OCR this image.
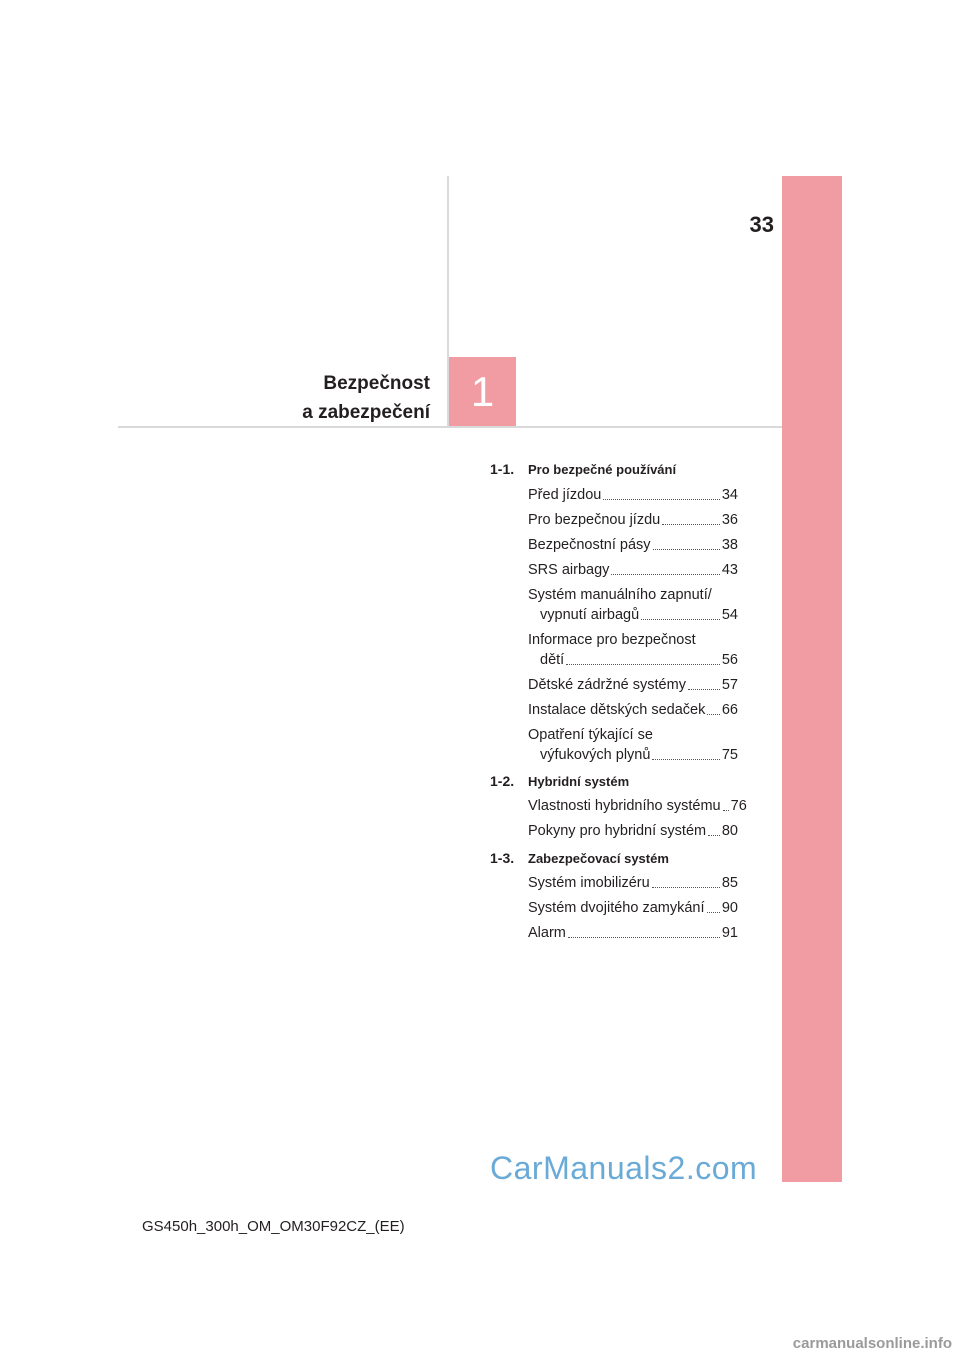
33
1
Bezpečnost
a zabezpečení
1-1. Pro bezpečné používání
Před jízdou	34
Pro bezpečnou jízdu	36
Bezpečnostní pásy	38
SRS airbagy	43
Systém manuálního zapnutí/
vypnutí airbagů	54
Informace pro bezpečnost
dětí	56
Dětské zádržné systémy 57
Instalace dětských sedaček 66
Opatření týkající se
výfukových plynů	75
1-2. Hybridní systém
Vlastnosti hybridního systému 76
Pokyny pro hybridní systém 80
1-3. Zabezpečovací systém
Systém imobilizéru	85
Systém dvojitého zamykání 90
Alarm	91
CarManuals2.com
GS450h_300h_OM_OM30F92CZ_(EE)
carmanualsonline.info
